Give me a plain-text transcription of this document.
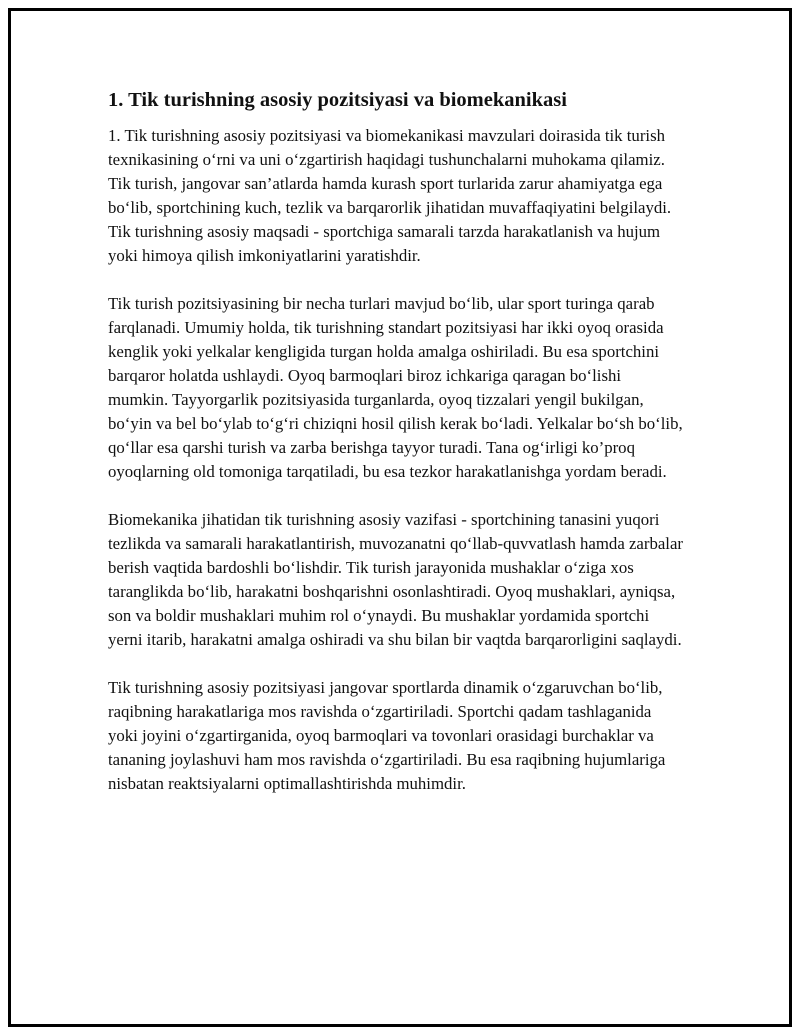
1. Tik turishning asosiy pozitsiyasi va biomekanikasi

1. Tik turishning asosiy pozitsiyasi va biomekanikasi mavzulari doirasida tik turish texnikasining o‘rni va uni o‘zgartirish haqidagi tushunchalarni muhokama qilamiz. Tik turish, jangovar san’atlarda hamda kurash sport turlarida zarur ahamiyatga ega bo‘lib, sportchining kuch, tezlik va barqarorlik jihatidan muvaffaqiyatini belgilaydi. Tik turishning asosiy maqsadi - sportchiga samarali tarzda harakatlanish va hujum yoki himoya qilish imkoniyatlarini yaratishdir.

Tik turish pozitsiyasining bir necha turlari mavjud bo‘lib, ular sport turinga qarab farqlanadi. Umumiy holda, tik turishning standart pozitsiyasi har ikki oyoq orasida kenglik yoki yelkalar kengligida turgan holda amalga oshiriladi. Bu esa sportchini barqaror holatda ushlaydi. Oyoq barmoqlari biroz ichkariga qaragan bo‘lishi mumkin. Tayyorgarlik pozitsiyasida turganlarda, oyoq tizzalari yengil bukilgan, bo‘yin va bel bo‘ylab to‘g‘ri chiziqni hosil qilish kerak bo‘ladi. Yelkalar bo‘sh bo‘lib, qo‘llar esa qarshi turish va zarba berishga tayyor turadi. Tana og‘irligi ko’proq oyoqlarning old tomoniga tarqatiladi, bu esa tezkor harakatlanishga yordam beradi.

Biomekanika jihatidan tik turishning asosiy vazifasi - sportchining tanasini yuqori tezlikda va samarali harakatlantirish, muvozanatni qo‘llab-quvvatlash hamda zarbalar berish vaqtida bardoshli bo‘lishdir. Tik turish jarayonida mushaklar o‘ziga xos taranglikda bo‘lib, harakatni boshqarishni osonlashtiradi. Oyoq mushaklari, ayniqsa, son va boldir mushaklari muhim rol o‘ynaydi. Bu mushaklar yordamida sportchi yerni itarib, harakatni amalga oshiradi va shu bilan bir vaqtda barqarorligini saqlaydi.

Tik turishning asosiy pozitsiyasi jangovar sportlarda dinamik o‘zgaruvchan bo‘lib, raqibning harakatlariga mos ravishda o‘zgartiriladi. Sportchi qadam tashlaganida yoki joyini o‘zgartirganida, oyoq barmoqlari va tovonlari orasidagi burchaklar va tananing joylashuvi ham mos ravishda o‘zgartiriladi. Bu esa raqibning hujumlariga nisbatan reaktsiyalarni optimallashtirishda muhimdir.
